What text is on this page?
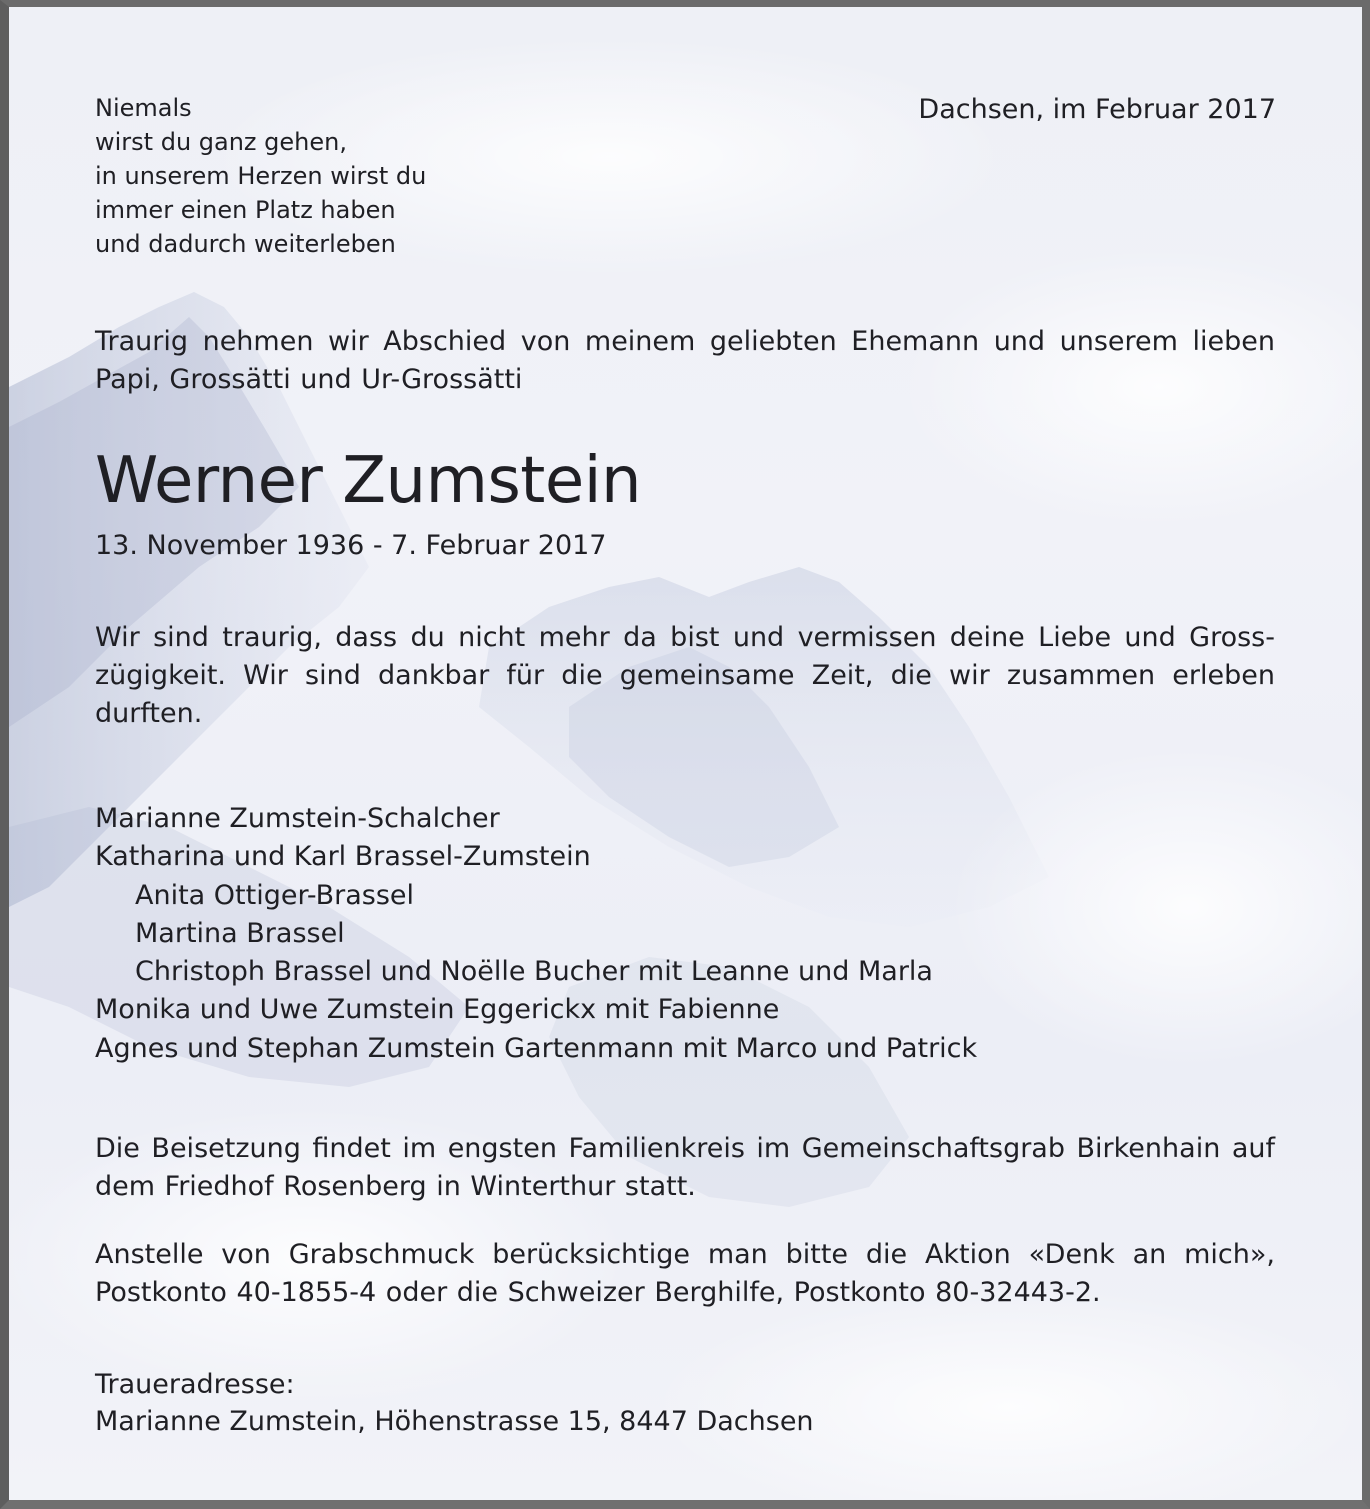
Niemals
wirst du ganz gehen,
in unserem Herzen wirst du
immer einen Platz haben
und dadurch weiterleben
Dachsen, im Februar 2017
Traurig nehmen wir Abschied von meinem geliebten Ehemann und unserem lieben Papi, Grossätti und Ur-Grossätti
Werner Zumstein
13. November 1936 - 7. Februar 2017
Wir sind traurig, dass du nicht mehr da bist und vermissen deine Liebe und Gross-zügigkeit. Wir sind dankbar für die gemeinsame Zeit, die wir zusammen erleben durften.
Marianne Zumstein-Schalcher
Katharina und Karl Brassel-Zumstein
Anita Ottiger-Brassel
Martina Brassel
Christoph Brassel und Noëlle Bucher mit Leanne und Marla
Monika und Uwe Zumstein Eggerickx mit Fabienne
Agnes und Stephan Zumstein Gartenmann mit Marco und Patrick
Die Beisetzung findet im engsten Familienkreis im Gemeinschaftsgrab Birkenhain auf dem Friedhof Rosenberg in Winterthur statt.
Anstelle von Grabschmuck berücksichtige man bitte die Aktion «Denk an mich», Postkonto 40-1855-4 oder die Schweizer Berghilfe, Postkonto 80-32443-2.
Traueradresse:
Marianne Zumstein, Höhenstrasse 15, 8447 Dachsen
